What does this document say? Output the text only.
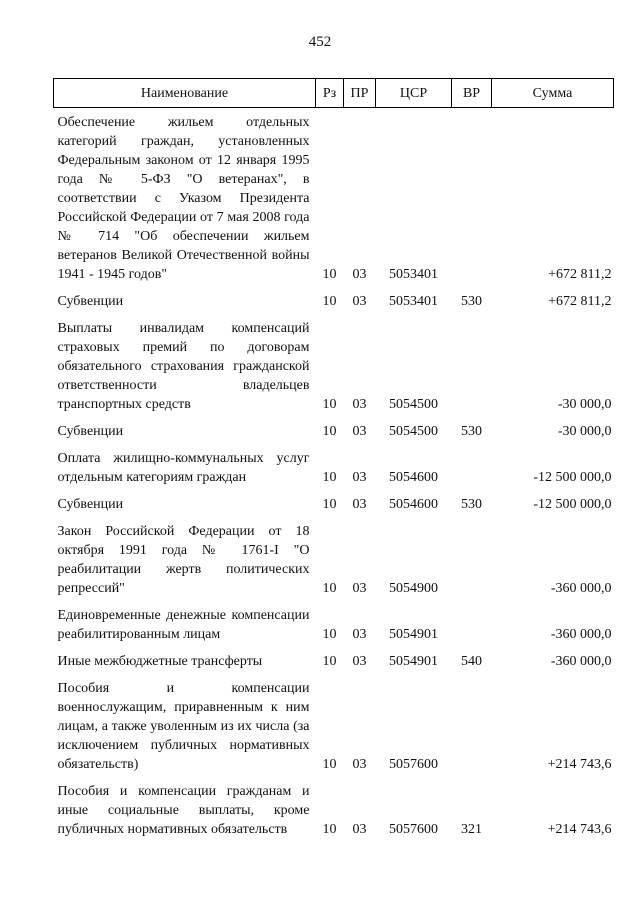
452
Наименование	Рз	ПР	ЦСР	ВР	Сумма
Обеспечение жильем отдельных категорий граждан, установленных Федеральным законом от 12 января 1995 года № 5-ФЗ "О ветеранах", в соответствии с Указом Президента Российской Федерации от 7 мая 2008 года № 714 "Об обеспечении жильем ветеранов Великой Отечественной войны 1941 - 1945 годов"	10	03	5053401		+672 811,2
Субвенции	10	03	5053401	530	+672 811,2
Выплаты инвалидам компенсаций страховых премий по договорам обязательного страхования гражданской ответственности владельцев транспортных средств	10	03	5054500		-30 000,0
Субвенции	10	03	5054500	530	-30 000,0
Оплата жилищно-коммунальных услуг отдельным категориям граждан	10	03	5054600		-12 500 000,0
Субвенции	10	03	5054600	530	-12 500 000,0
Закон Российской Федерации от 18 октября 1991 года № 1761-I "О реабилитации жертв политических репрессий"	10	03	5054900		-360 000,0
Единовременные денежные компенсации реабилитированным лицам	10	03	5054901		-360 000,0
Иные межбюджетные трансферты	10	03	5054901	540	-360 000,0
Пособия и компенсации военнослужащим, приравненным к ним лицам, а также уволенным из их числа (за исключением публичных нормативных обязательств)	10	03	5057600		+214 743,6
Пособия и компенсации гражданам и иные социальные выплаты, кроме публичных нормативных обязательств	10	03	5057600	321	+214 743,6
